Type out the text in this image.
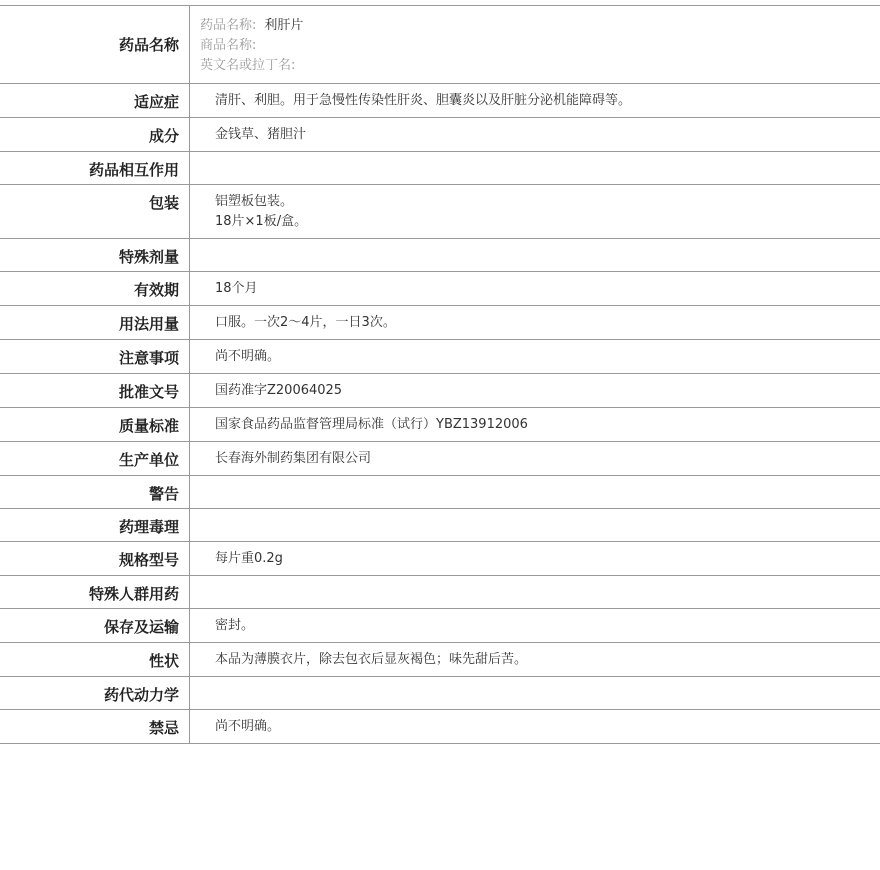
药品名称
药品名称: 利肝片
商品名称:
英文名或拉丁名:
适应症	清肝、利胆。用于急慢性传染性肝炎、胆囊炎以及肝脏分泌机能障碍等。
成分	金钱草、猪胆汁
药品相互作用
包装	铝塑板包装。
18片×1板/盒。
特殊剂量
有效期	18个月
用法用量	口服。一次2～4片，一日3次。
注意事项	尚不明确。
批准文号	国药准字Z20064025
质量标准	国家食品药品监督管理局标准（试行）YBZ13912006
生产单位	长春海外制药集团有限公司
警告
药理毒理
规格型号	每片重0.2g
特殊人群用药
保存及运输	密封。
性状	本品为薄膜衣片，除去包衣后显灰褐色；味先甜后苦。
药代动力学
禁忌	尚不明确。
